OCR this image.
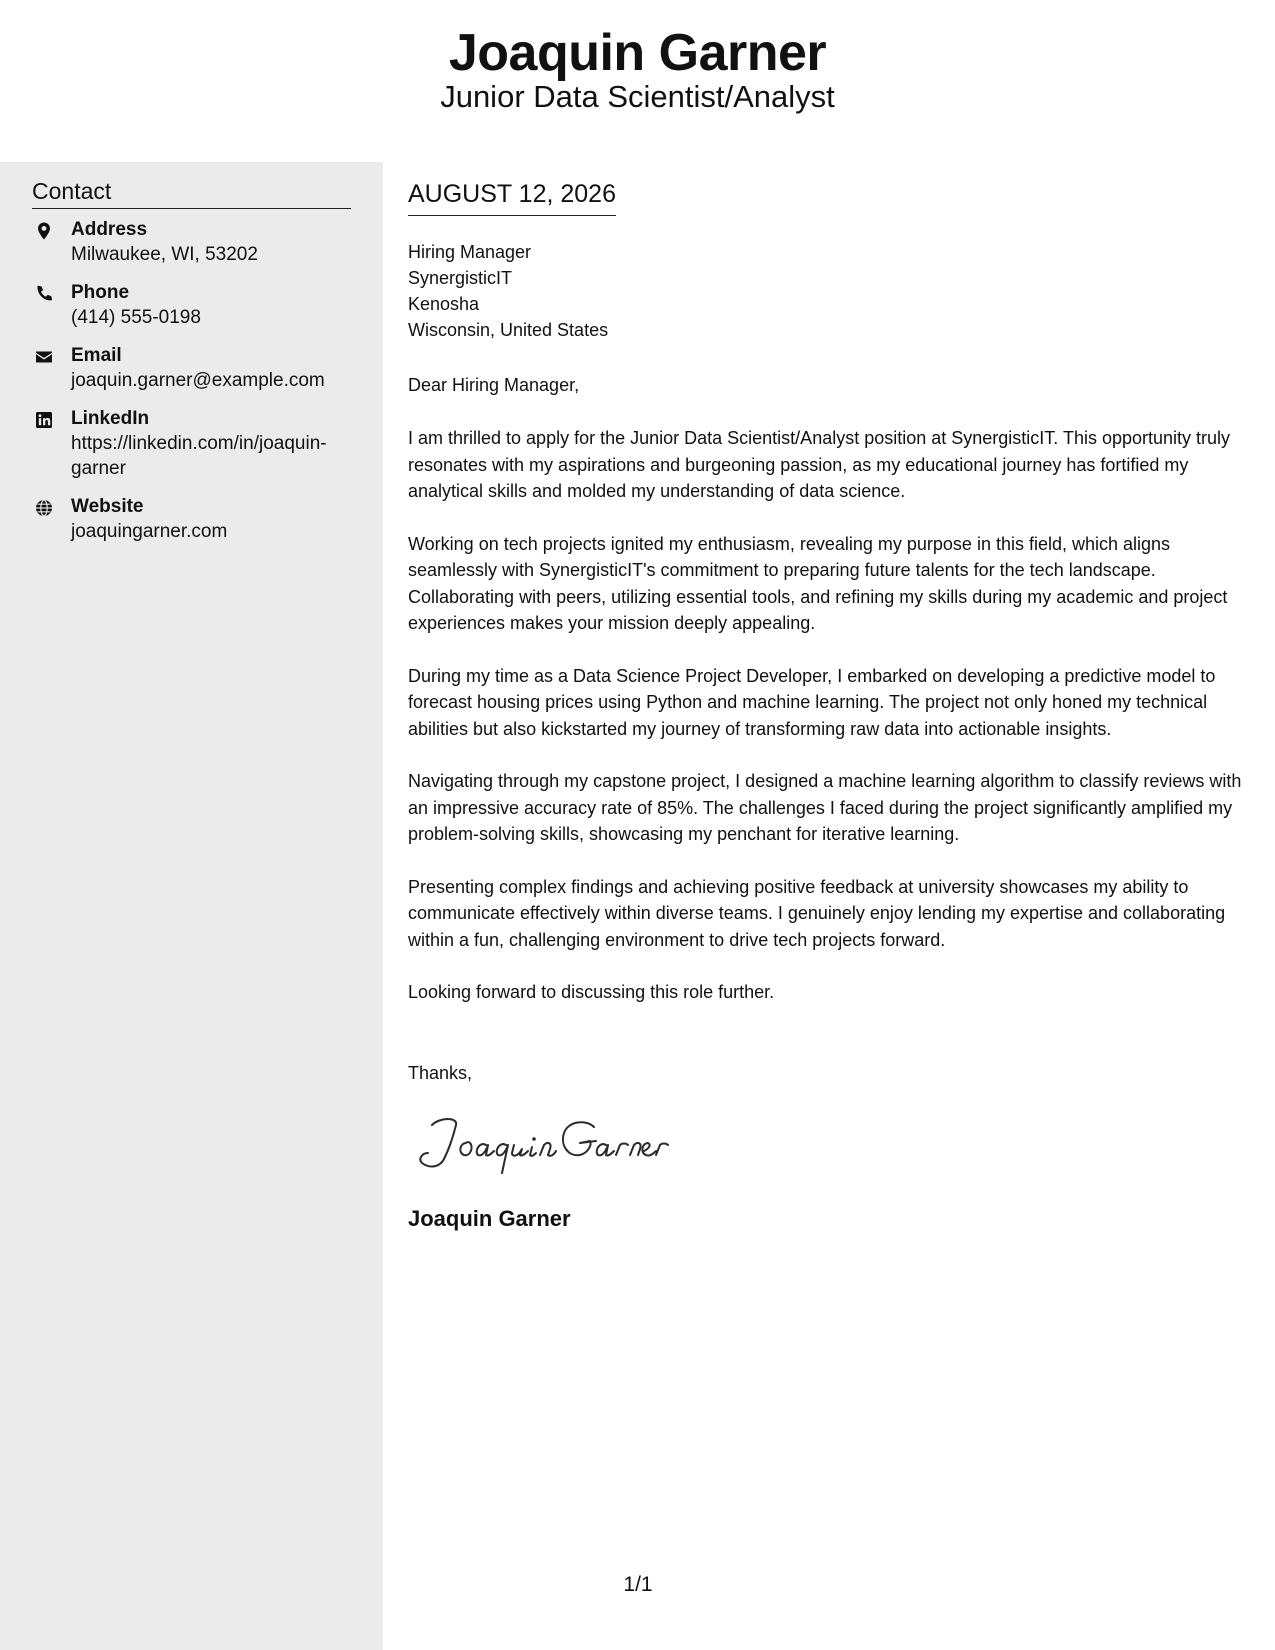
Joaquin Garner
Junior Data Scientist/Analyst
Contact
Address
Milwaukee, WI, 53202
Phone
(414) 555-0198
Email
joaquin.garner@example.com
LinkedIn
https://linkedin.com/in/joaquin-garner
Website
joaquingarner.com
AUGUST 12, 2026
Hiring Manager
SynergisticIT
Kenosha
Wisconsin, United States
Dear Hiring Manager,

I am thrilled to apply for the Junior Data Scientist/Analyst position at SynergisticIT. This opportunity truly resonates with my aspirations and burgeoning passion, as my educational journey has fortified my analytical skills and molded my understanding of data science.

Working on tech projects ignited my enthusiasm, revealing my purpose in this field, which aligns seamlessly with SynergisticIT's commitment to preparing future talents for the tech landscape. Collaborating with peers, utilizing essential tools, and refining my skills during my academic and project experiences makes your mission deeply appealing.

During my time as a Data Science Project Developer, I embarked on developing a predictive model to forecast housing prices using Python and machine learning. The project not only honed my technical abilities but also kickstarted my journey of transforming raw data into actionable insights.

Navigating through my capstone project, I designed a machine learning algorithm to classify reviews with an impressive accuracy rate of 85%. The challenges I faced during the project significantly amplified my problem-solving skills, showcasing my penchant for iterative learning.

Presenting complex findings and achieving positive feedback at university showcases my ability to communicate effectively within diverse teams. I genuinely enjoy lending my expertise and collaborating within a fun, challenging environment to drive tech projects forward.

Looking forward to discussing this role further.

Thanks,
Joaquin Garner
1/1
